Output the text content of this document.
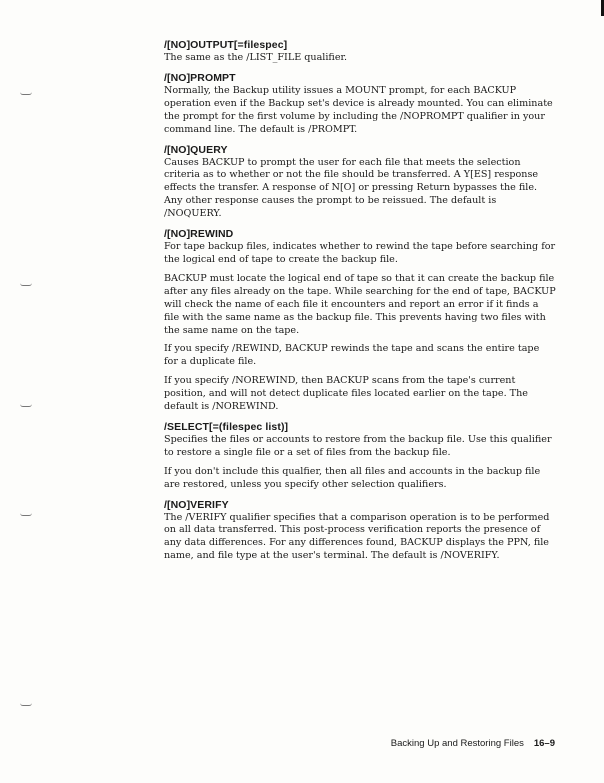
/[NO]OUTPUT[=filespec]

The same as the /LIST_FILE qualifier.

/[NO]PROMPT

Normally, the Backup utility issues a MOUNT prompt, for each BACKUP operation even if the Backup set's device is already mounted. You can eliminate the prompt for the first volume by including the /NOPROMPT qualifier in your command line. The default is /PROMPT.

/[NO]QUERY

Causes BACKUP to prompt the user for each file that meets the selection criteria as to whether or not the file should be transferred. A Y[ES] response effects the transfer. A response of N[O] or pressing Return bypasses the file. Any other response causes the prompt to be reissued. The default is /NOQUERY.

/[NO]REWIND

For tape backup files, indicates whether to rewind the tape before searching for the logical end of tape to create the backup file.

BACKUP must locate the logical end of tape so that it can create the backup file after any files already on the tape. While searching for the end of tape, BACKUP will check the name of each file it encounters and report an error if it finds a file with the same name as the backup file. This prevents having two files with the same name on the tape.

If you specify /REWIND, BACKUP rewinds the tape and scans the entire tape for a duplicate file.

If you specify /NOREWIND, then BACKUP scans from the tape's current position, and will not detect duplicate files located earlier on the tape. The default is /NOREWIND.

/SELECT[=(filespec list)]

Specifies the files or accounts to restore from the backup file. Use this qualifier to restore a single file or a set of files from the backup file.

If you don't include this qualfier, then all files and accounts in the backup file are restored, unless you specify other selection qualifiers.

/[NO]VERIFY

The /VERIFY qualifier specifies that a comparison operation is to be performed on all data transferred. This post-process verification reports the presence of any data differences. For any differences found, BACKUP displays the PPN, file name, and file type at the user's terminal. The default is /NOVERIFY.

Backing Up and Restoring Files 16–9
